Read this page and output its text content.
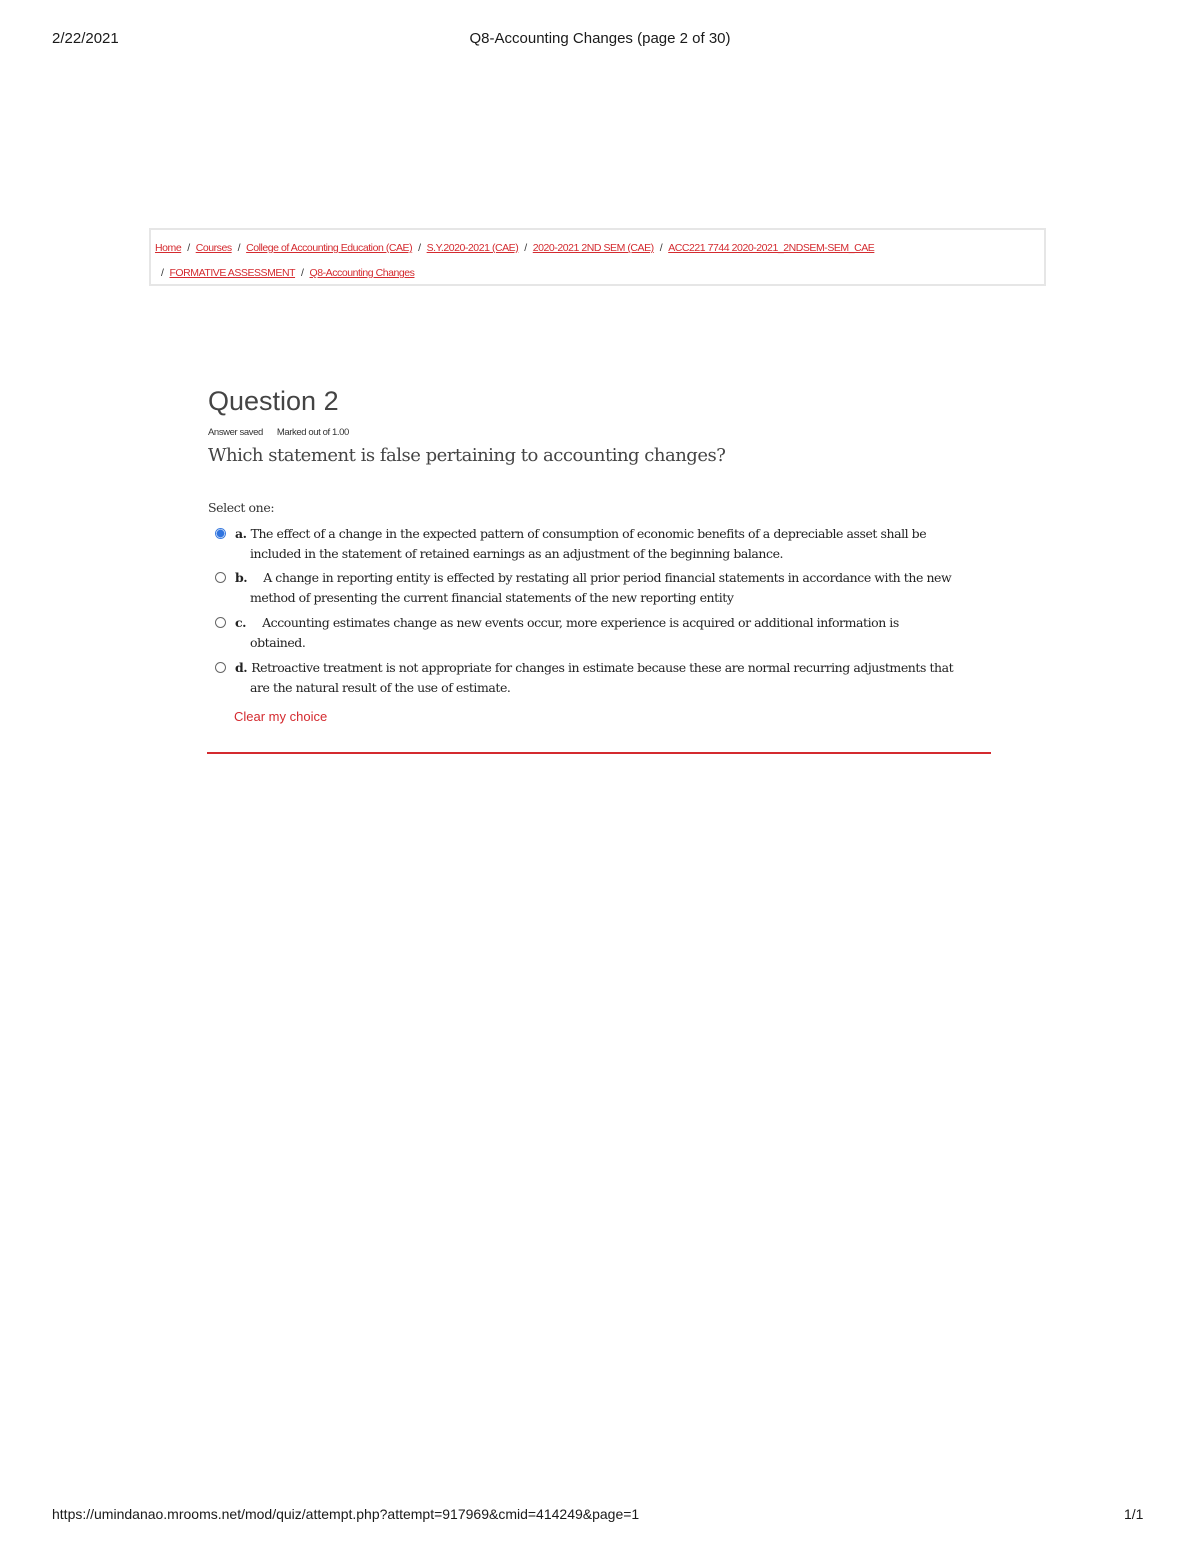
2/22/2021	Q8-Accounting Changes (page 2 of 30)
Home / Courses / College of Accounting Education (CAE) / S.Y.2020-2021 (CAE) / 2020-2021 2ND SEM (CAE) / ACC221 7744 2020-2021_2NDSEM-SEM_CAE
/ FORMATIVE ASSESSMENT / Q8-Accounting Changes
Question 2
Answer saved Marked out of 1.00
Which statement is false pertaining to accounting changes?
Select one:
a. The effect of a change in the expected pattern of consumption of economic benefits of a depreciable asset shall be
included in the statement of retained earnings as an adjustment of the beginning balance.
b. A change in reporting entity is effected by restating all prior period financial statements in accordance with the new
method of presenting the current financial statements of the new reporting entity
c. Accounting estimates change as new events occur, more experience is acquired or additional information is
obtained.
d. Retroactive treatment is not appropriate for changes in estimate because these are normal recurring adjustments that
are the natural result of the use of estimate.
Clear my choice
https://umindanao.mrooms.net/mod/quiz/attempt.php?attempt=917969&cmid=414249&page=1	1/1
